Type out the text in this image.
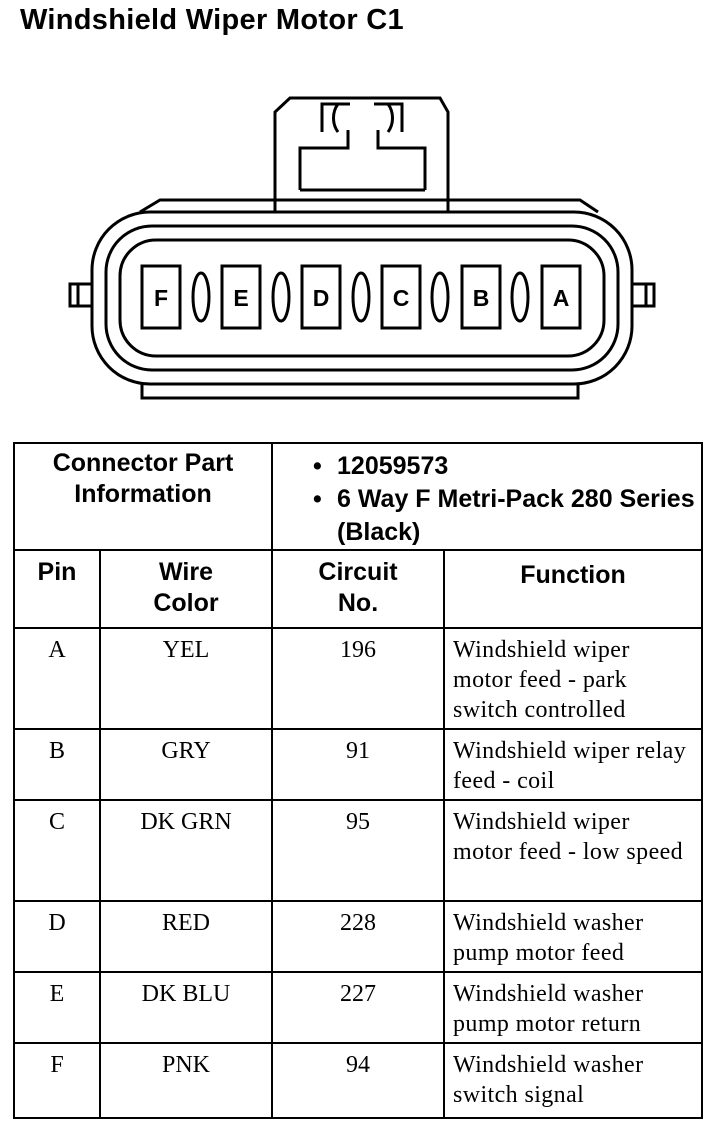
Windshield Wiper Motor C1
F	E	D	C	B	A
Connector Part Information		• 12059573
• 6 Way F Metri-Pack 280 Series (Black)	

Pin	Wire Color	Circuit No.	Function
A	YEL	196	Windshield wiper motor feed - park switch controlled
B	GRY	91	Windshield wiper relay feed - coil
C	DK GRN	95	Windshield wiper motor feed - low speed
D	RED	228	Windshield washer pump motor feed
E	DK BLU	227	Windshield washer pump motor return
F	PNK	94	Windshield washer switch signal
